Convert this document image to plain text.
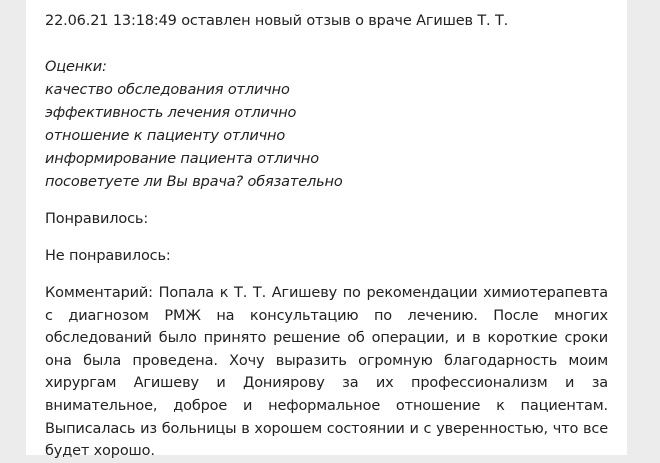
22.06.21 13:18:49 оставлен новый отзыв о враче Агишев Т. Т.
Оценки:
качество обследования отлично
эффективность лечения отлично
отношение к пациенту отлично
информирование пациента отлично
посоветуете ли Вы врача? обязательно
Понравилось:
Не понравилось:
Комментарий: Попала к Т. Т. Агишеву по рекомендации химиотерапевта с диагнозом РМЖ на консультацию по лечению. После многих обследований было принято решение об операции, и в короткие сроки она была проведена. Хочу выразить огромную благодарность моим хирургам Агишеву и Дониярову за их профессионализм и за внимательное, доброе и неформальное отношение к пациентам. Выписалась из больницы в хорошем состоянии и с уверенностью, что все будет хорошо.
